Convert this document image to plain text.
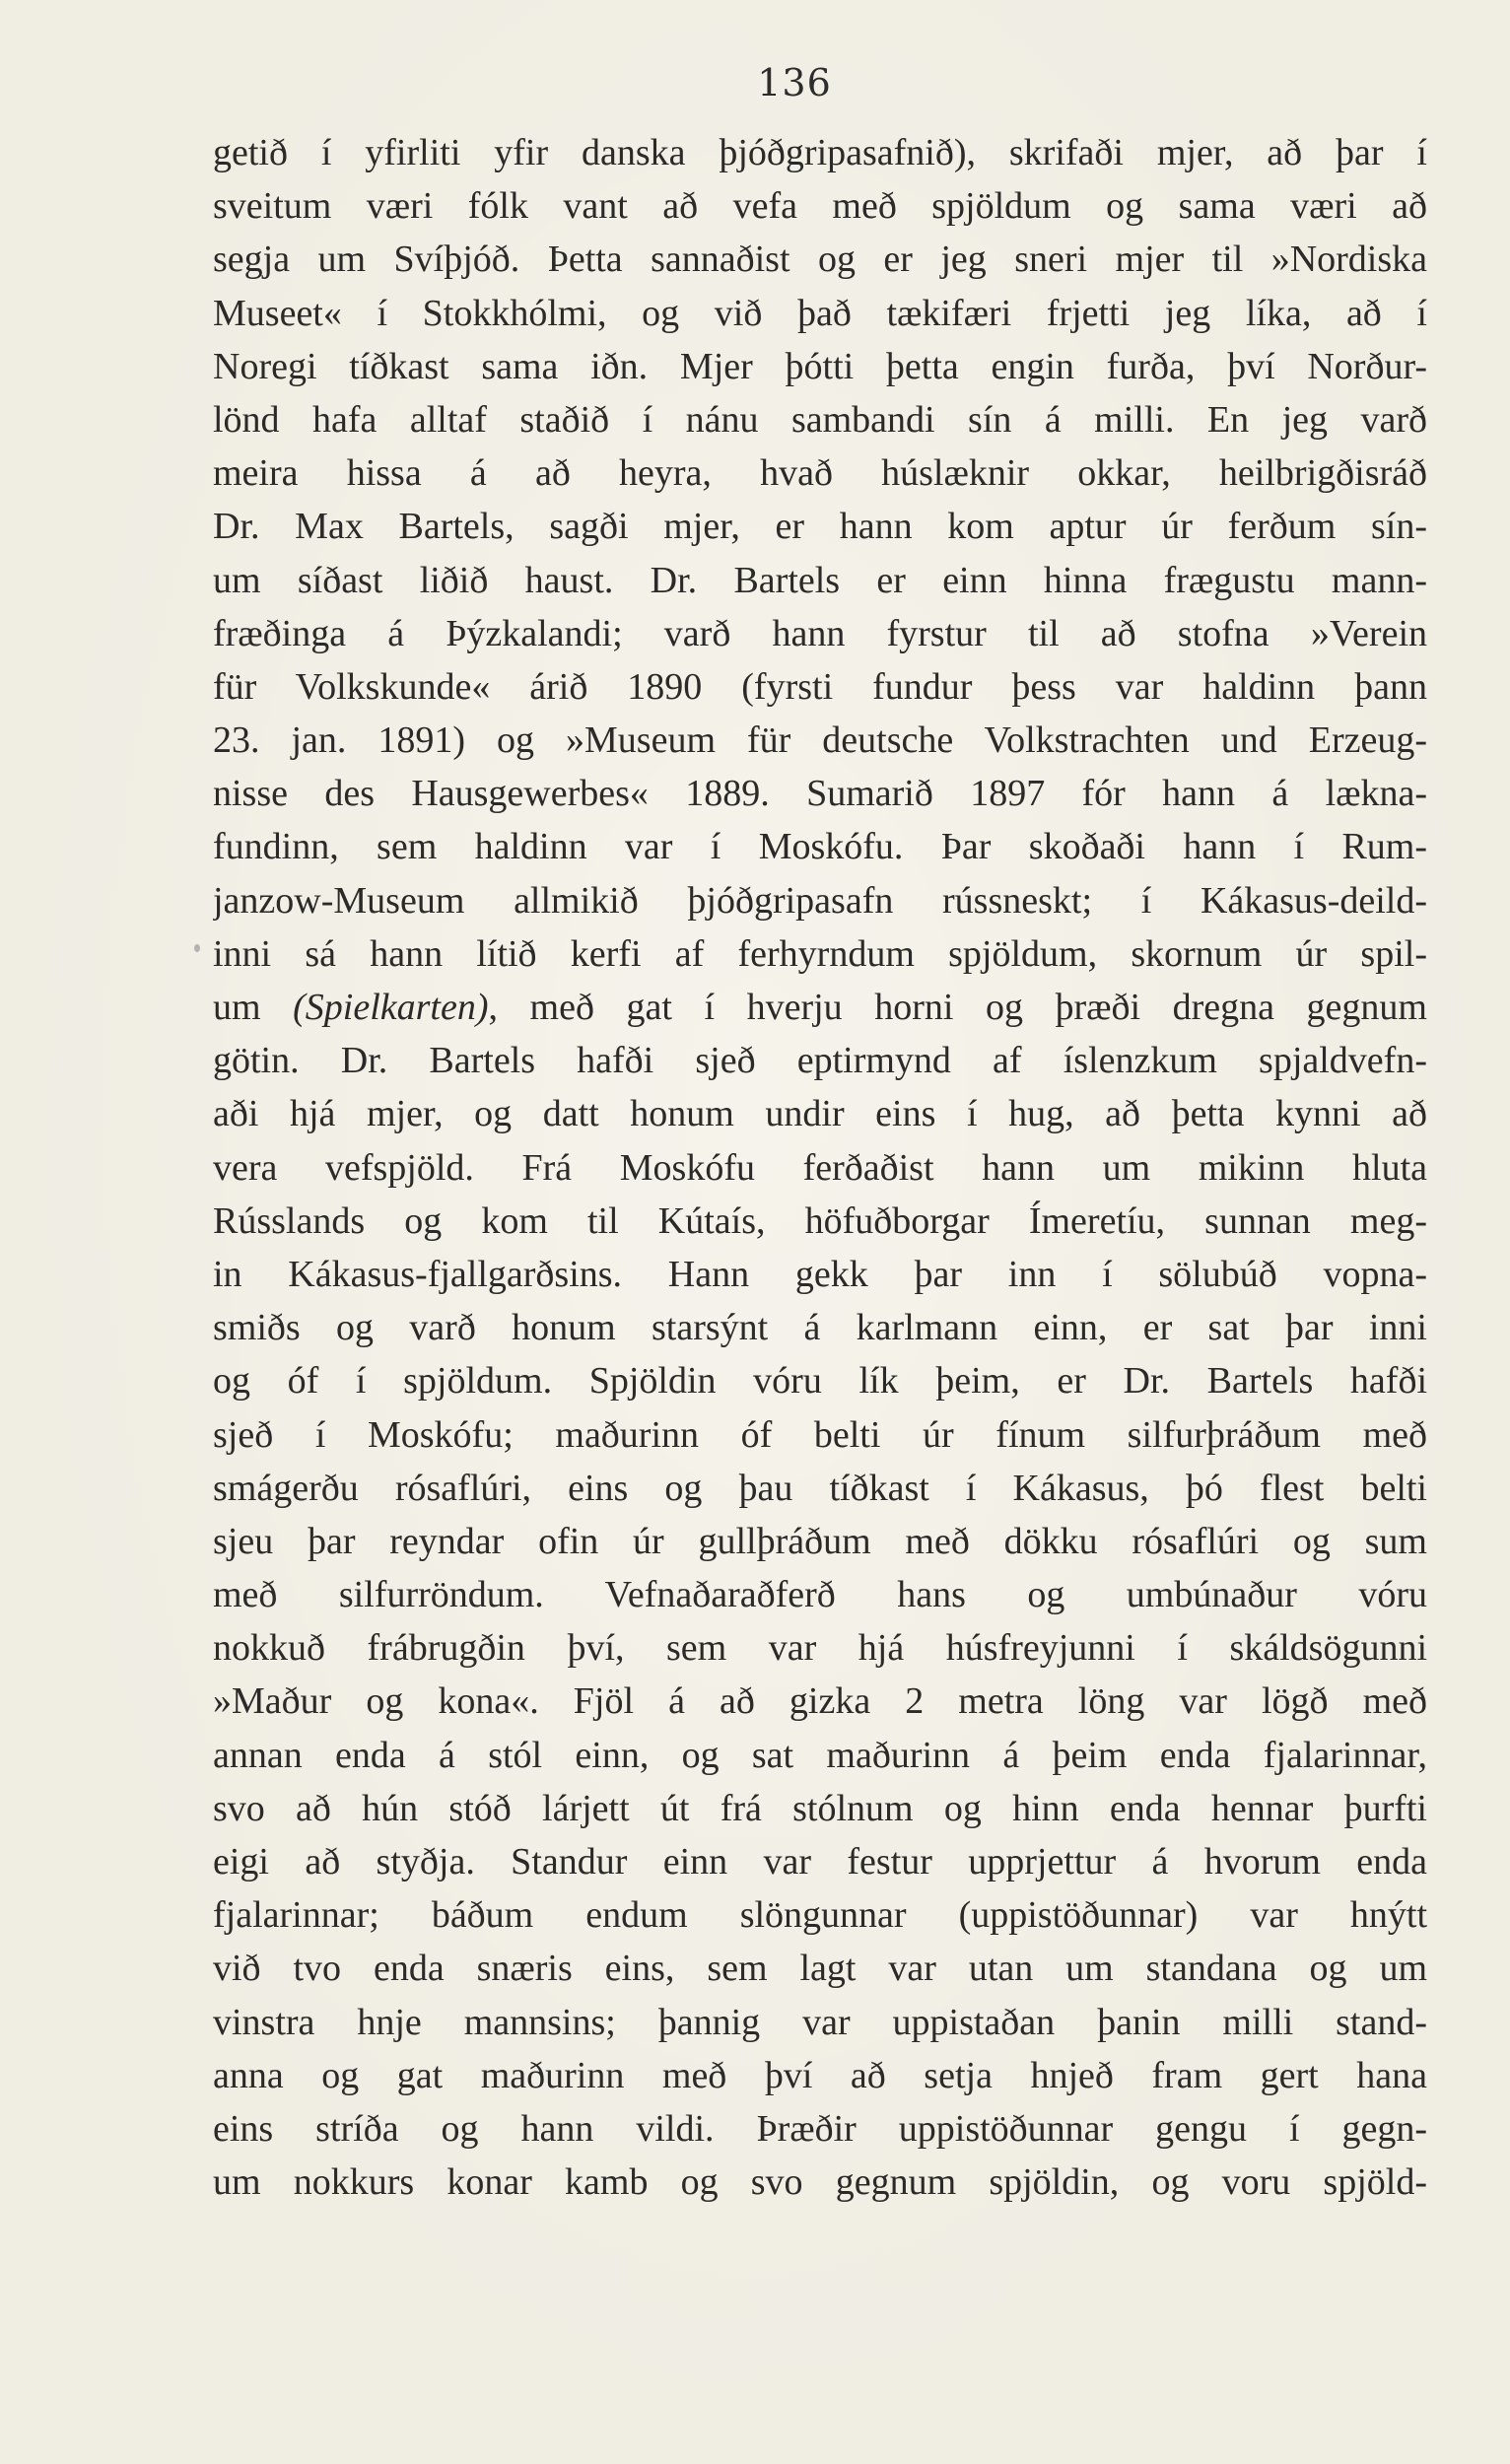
136
getið í yfirliti yfir danska þjóðgripasafnið), skrifaði mjer, að þar í
sveitum væri fólk vant að vefa með spjöldum og sama væri að
segja um Svíþjóð. Þetta sannaðist og er jeg sneri mjer til »Nordiska
Museet« í Stokkhólmi, og við það tækifæri frjetti jeg líka, að í
Noregi tíðkast sama iðn. Mjer þótti þetta engin furða, því Norður-
lönd hafa alltaf staðið í nánu sambandi sín á milli. En jeg varð
meira hissa á að heyra, hvað húslæknir okkar, heilbrigðisráð
Dr. Max Bartels, sagði mjer, er hann kom aptur úr ferðum sín-
um síðast liðið haust. Dr. Bartels er einn hinna frægustu mann-
fræðinga á Þýzkalandi; varð hann fyrstur til að stofna »Verein
für Volkskunde« árið 1890 (fyrsti fundur þess var haldinn þann
23. jan. 1891) og »Museum für deutsche Volkstrachten und Erzeug-
nisse des Hausgewerbes« 1889. Sumarið 1897 fór hann á lækna-
fundinn, sem haldinn var í Moskófu. Þar skoðaði hann í Rum-
janzow-Museum allmikið þjóðgripasafn rússneskt; í Kákasus-deild-
inni sá hann lítið kerfi af ferhyrndum spjöldum, skornum úr spil-
um (Spielkarten), með gat í hverju horni og þræði dregna gegnum
götin. Dr. Bartels hafði sjeð eptirmynd af íslenzkum spjaldvefn-
aði hjá mjer, og datt honum undir eins í hug, að þetta kynni að
vera vefspjöld. Frá Moskófu ferðaðist hann um mikinn hluta
Rússlands og kom til Kútaís, höfuðborgar Ímeretíu, sunnan meg-
in Kákasus-fjallgarðsins. Hann gekk þar inn í sölubúð vopna-
smiðs og varð honum starsýnt á karlmann einn, er sat þar inni
og óf í spjöldum. Spjöldin vóru lík þeim, er Dr. Bartels hafði
sjeð í Moskófu; maðurinn óf belti úr fínum silfurþráðum með
smágerðu rósaflúri, eins og þau tíðkast í Kákasus, þó flest belti
sjeu þar reyndar ofin úr gullþráðum með dökku rósaflúri og sum
með silfurröndum. Vefnaðaraðferð hans og umbúnaður vóru
nokkuð frábrugðin því, sem var hjá húsfreyjunni í skáldsögunni
»Maður og kona«. Fjöl á að gizka 2 metra löng var lögð með
annan enda á stól einn, og sat maðurinn á þeim enda fjalarinnar,
svo að hún stóð lárjett út frá stólnum og hinn enda hennar þurfti
eigi að styðja. Standur einn var festur upprjettur á hvorum enda
fjalarinnar; báðum endum slöngunnar (uppistöðunnar) var hnýtt
við tvo enda snæris eins, sem lagt var utan um standana og um
vinstra hnje mannsins; þannig var uppistaðan þanin milli stand-
anna og gat maðurinn með því að setja hnjeð fram gert hana
eins stríða og hann vildi. Þræðir uppistöðunnar gengu í gegn-
um nokkurs konar kamb og svo gegnum spjöldin, og voru spjöld-
